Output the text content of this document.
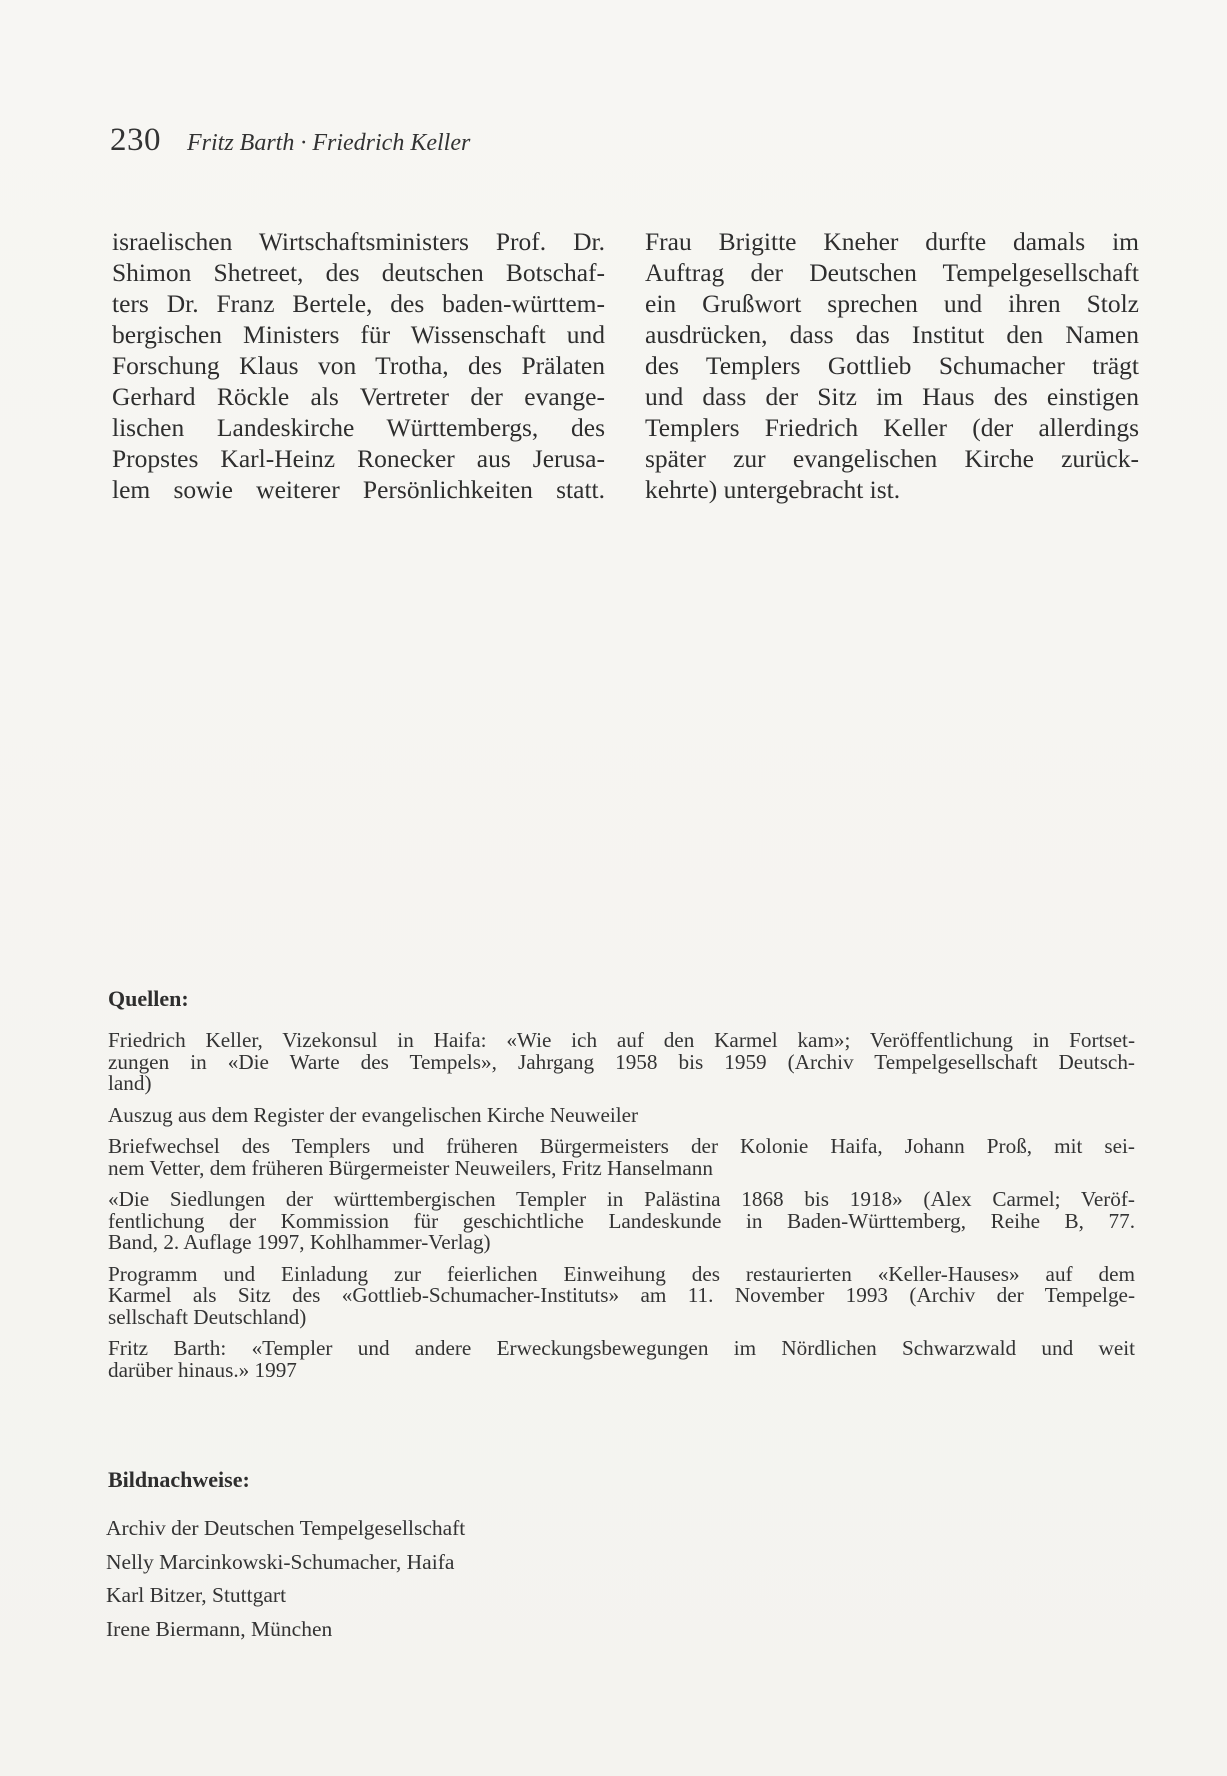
230 Fritz Barth · Friedrich Keller
israelischen Wirtschaftsministers Prof. Dr.
Shimon Shetreet, des deutschen Botschaf-
ters Dr. Franz Bertele, des baden-württem-
bergischen Ministers für Wissenschaft und
Forschung Klaus von Trotha, des Prälaten
Gerhard Röckle als Vertreter der evange-
lischen Landeskirche Württembergs, des
Propstes Karl-Heinz Ronecker aus Jerusa-
lem sowie weiterer Persönlichkeiten statt.
Frau Brigitte Kneher durfte damals im
Auftrag der Deutschen Tempelgesellschaft
ein Grußwort sprechen und ihren Stolz
ausdrücken, dass das Institut den Namen
des Templers Gottlieb Schumacher trägt
und dass der Sitz im Haus des einstigen
Templers Friedrich Keller (der allerdings
später zur evangelischen Kirche zurück-
kehrte) untergebracht ist.
Quellen:
Friedrich Keller, Vizekonsul in Haifa: «Wie ich auf den Karmel kam»; Veröffentlichung in Fortset-
zungen in «Die Warte des Tempels», Jahrgang 1958 bis 1959 (Archiv Tempelgesellschaft Deutsch-
land)
Auszug aus dem Register der evangelischen Kirche Neuweiler
Briefwechsel des Templers und früheren Bürgermeisters der Kolonie Haifa, Johann Proß, mit sei-
nem Vetter, dem früheren Bürgermeister Neuweilers, Fritz Hanselmann
«Die Siedlungen der württembergischen Templer in Palästina 1868 bis 1918» (Alex Carmel; Veröf-
fentlichung der Kommission für geschichtliche Landeskunde in Baden-Württemberg, Reihe B, 77.
Band, 2. Auflage 1997, Kohlhammer-Verlag)
Programm und Einladung zur feierlichen Einweihung des restaurierten «Keller-Hauses» auf dem
Karmel als Sitz des «Gottlieb-Schumacher-Instituts» am 11. November 1993 (Archiv der Tempelge-
sellschaft Deutschland)
Fritz Barth: «Templer und andere Erweckungsbewegungen im Nördlichen Schwarzwald und weit
darüber hinaus.» 1997
Bildnachweise:
Archiv der Deutschen Tempelgesellschaft
Nelly Marcinkowski-Schumacher, Haifa
Karl Bitzer, Stuttgart
Irene Biermann, München
